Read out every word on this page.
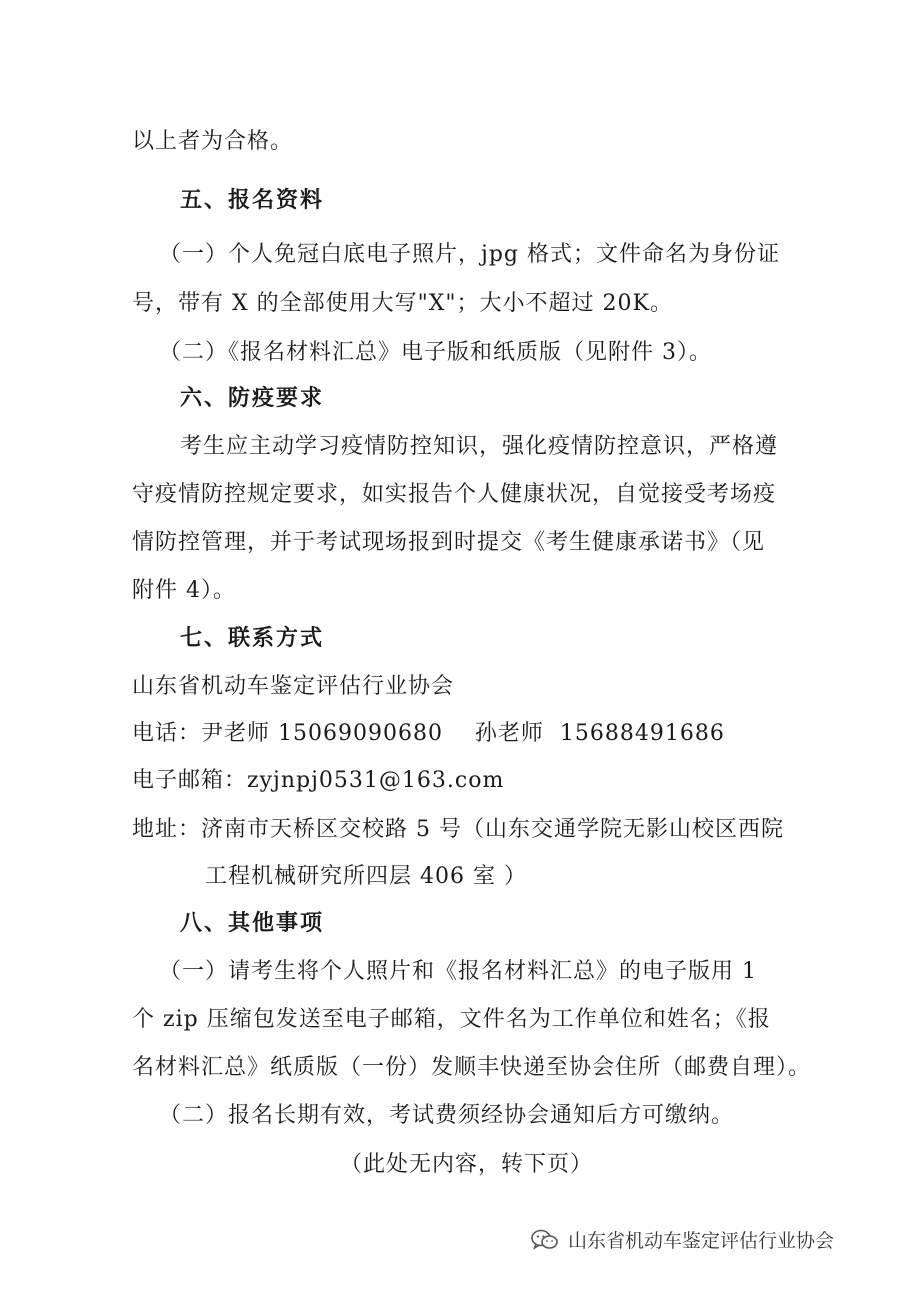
以上者为合格。
五、报名资料
（一）个人免冠白底电子照片，jpg 格式；文件命名为身份证
号，带有 X 的全部使用大写"X"；大小不超过 20K。
（二）《报名材料汇总》电子版和纸质版（见附件 3）。
六、防疫要求
考生应主动学习疫情防控知识，强化疫情防控意识，严格遵
守疫情防控规定要求，如实报告个人健康状况，自觉接受考场疫
情防控管理，并于考试现场报到时提交《考生健康承诺书》（见
附件 4）。
七、联系方式
山东省机动车鉴定评估行业协会
电话：尹老师 15069090680    孙老师  15688491686
电子邮箱：zyjnpj0531@163.com
地址：济南市天桥区交校路 5 号（山东交通学院无影山校区西院
工程机械研究所四层 406 室 ）
八、其他事项
（一）请考生将个人照片和《报名材料汇总》的电子版用 1
个 zip 压缩包发送至电子邮箱，文件名为工作单位和姓名；《报
名材料汇总》纸质版（一份）发顺丰快递至协会住所（邮费自理）。
（二）报名长期有效，考试费须经协会通知后方可缴纳。
（此处无内容，转下页）
山东省机动车鉴定评估行业协会
